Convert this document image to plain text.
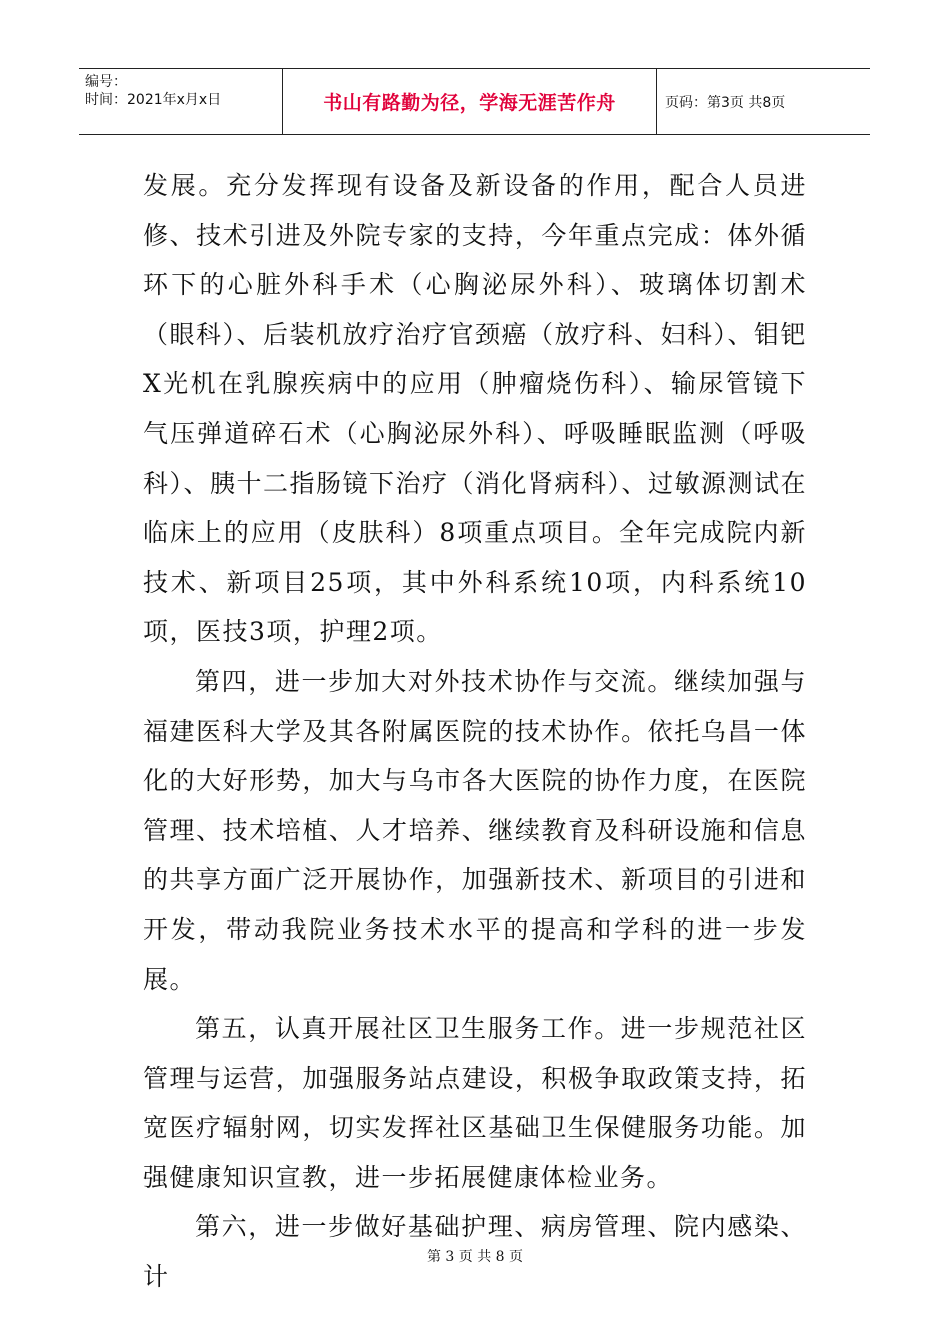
编号：
时间：2021年x月x日	书山有路勤为径，学海无涯苦作舟	页码：第3页 共8页

发展。充分发挥现有设备及新设备的作用，配合人员进修、技术引进及外院专家的支持，今年重点完成：体外循环下的心脏外科手术（心胸泌尿外科）、玻璃体切割术（眼科）、后装机放疗治疗官颈癌（放疗科、妇科）、钼钯X光机在乳腺疾病中的应用（肿瘤烧伤科）、输尿管镜下气压弹道碎石术（心胸泌尿外科）、呼吸睡眠监测（呼吸科）、胰十二指肠镜下治疗（消化肾病科）、过敏源测试在临床上的应用（皮肤科）8项重点项目。全年完成院内新技术、新项目25项，其中外科系统10项，内科系统10项，医技3项，护理2项。

第四，进一步加大对外技术协作与交流。继续加强与福建医科大学及其各附属医院的技术协作。依托乌昌一体化的大好形势，加大与乌市各大医院的协作力度，在医院管理、技术培植、人才培养、继续教育及科研设施和信息的共享方面广泛开展协作，加强新技术、新项目的引进和开发，带动我院业务技术水平的提高和学科的进一步发展。

第五，认真开展社区卫生服务工作。进一步规范社区管理与运营，加强服务站点建设，积极争取政策支持，拓宽医疗辐射网，切实发挥社区基础卫生保健服务功能。加强健康知识宣教，进一步拓展健康体检业务。

第六，进一步做好基础护理、病房管理、院内感染、计

第 3 页 共 8 页
